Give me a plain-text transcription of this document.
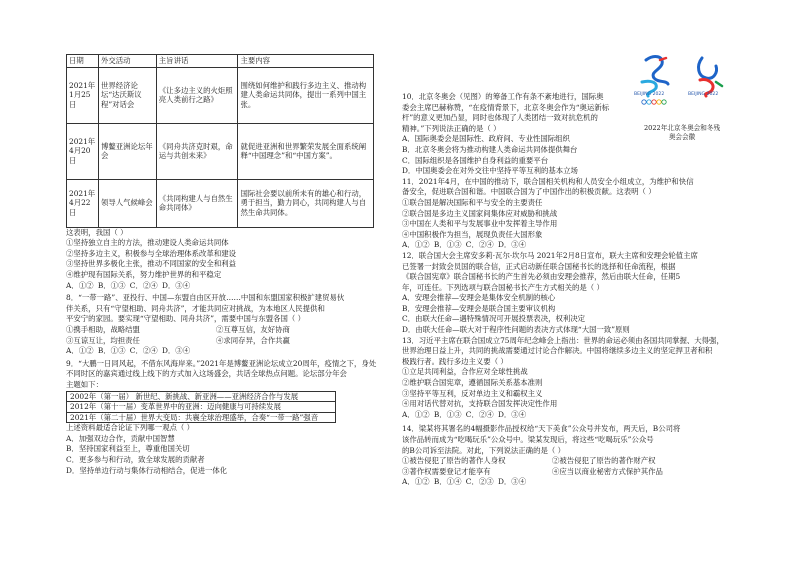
日期	外交活动	主旨讲话	主要内容
2021年1月25日	世界经济论坛“达沃斯议程”对话会	《让多边主义的火炬照亮人类前行之路》	围绕如何维护和践行多边主义、推动构建人类命运共同体，提出一系列中国主张。
2021年4月20日	博鳌亚洲论坛年会	《同舟共济克时艰，命运与共创未来》	就促进亚洲和世界繁荣发展全面系统阐释“中国理念”和“中国方案”。
2021年4月22日	领导人气候峰会	《共同构建人与自然生命共同体》	国际社会要以前所未有的雄心和行动，勇于担当，勤力同心，共同构建人与自然生命共同体。
这表明，我国（ ）
①坚持独立自主的方法，推动建设人类命运共同体
②坚持多边主义，积极参与全球治理体系改革和建设
③坚持世界多极化主张，推动不同国家的安全和利益
④维护现有国际关系，努力维护世界的和平稳定
A．①② B．①③ C．②④ D．③④
8．“一带一路”、亚投行、中国—东盟自由区开放……中国和东盟国家积极扩建贸易伙
伴关系，只有“守望相助、同舟共济”，才能共同应对挑战，为本地区人民提供和
平安宁的家园。要实现“守望相助、同舟共济”，需要中国与东盟各国（ ）
①携手相助，战略结盟	②互尊互信，友好协商
③互谅互让，均担责任	④求同存异，合作共赢
A．①② B．①③ C．②④ D．③④
9．“大鹏一日同风起，不借东风海岸来。”2021年是博鳌亚洲论坛成立20周年，疫情之下，身处
不同时区的嘉宾通过线上线下的方式加入这场盛会，共话全球热点问题。论坛部分年会
主题如下：
2002年（第一届） 新世纪、新挑战、新亚洲——亚洲经济合作与发展
2012年（第十一届）变革世界中的亚洲：迈向健康与可持续发展
2021年（第二十届）世界大变局：共襄全球治理盛举，合奏“一带一路”强音
上述资料最适合论证下列哪一观点（ ）
A．加强双边合作，贡献中国智慧
B．坚持国家利益至上，尊重他国关切
C．更多参与和行动，致全球发展的贡献者
D．坚持单边行动与集体行动相结合，促进一体化
10．北京冬奥会（见图）的筹备工作有条不紊地进行，国际奥
委会主席巴赫称赞，“在疫情背景下，北京冬奥会作为“奥运新标
杆”的意义更加凸显，同时也体现了人类团结一致对抗危机的
精神。”下列说法正确的是（ ）
A．国际奥委会是国际性、政府间、专业性国际组织
B．北京冬奥会将为推动构建人类命运共同体提供舞台
C．国际组织是各国维护自身利益的重要平台
D．中国奥委会在对外交往中坚持平等互利的基本立场
11．2021年4月，在中国的推动下，联合国相关机构和人员安全小组成立，为维护和快信
备安全，促进联合国和谐。中国联合国为了中国作出的积极贡献。这表明（ ）
①联合国是解决国际和平与安全的主要责任
②联合国是多边主义国家间集体应对威胁和挑战
③中国在人类和平与发展事业中发挥着主导作用
④中国积极作为担当，展现负责任大国形象
A．①② B．①③ C．②④ D．③④
12．联合国大会主席安多莉·瓦尔·坎尔马 2021年2月8日宣布，联大主席和安理会轮值主席
已签署一封致会员国的联合信，正式启动新任联合国秘书长的选择和任命流程，根据
《联合国宪章》联合国秘书长的产生首先必须由安理会推荐，然后由联大任命，任期5
年，可连任。下列选项与联合国秘书长产生方式相关的是（ ）
A．安理会推荐—安理会是集体安全机制的核心
B．安理会推荐—安理会是联合国主要审议机构
C．由联大任命—遇特殊情况可开展投票表决，权利决定
D．由联大任命—联大对于程序性问题的表决方式体现“大国一致”原则
13．习近平主席在联合国成立75周年纪念峰会上指出：世界的命运必须由各国共同掌握、大得强，
世界治理日益上升，共同的挑战需要通过讨论合作解决。中国将继续多边主义的坚定捍卫者和积
极践行者。践行多边主义要（ ）
①立足共同利益，合作应对全球性挑战
②维护联合国宪章，遵循国际关系基本准则
③坚持平等互利，反对单边主义和霸权主义
④用对话代替对抗，支持联合国发挥决定性作用
A．①② B．①③ C．②④ D．③④
14．梁某将其署名的4幅摄影作品授权给“天下美食”公众号并发布，两天后，B公司将
该作品转而成为“吃喝玩乐”公众号中。梁某发现后，将这些“吃喝玩乐”公众号
的B公司诉至法院。对此，下列说法正确的是（ ）
①被告侵犯了原告的著作人身权	②被告侵犯了原告的著作财产权
③著作权需要登记才能享有	④应当以商业秘密方式保护其作品
A．①② B．①④ C．②③ D．③④
BEIJING 2022	BEIJING 2022
2022年北京冬奥会和冬残
奥会会徽
